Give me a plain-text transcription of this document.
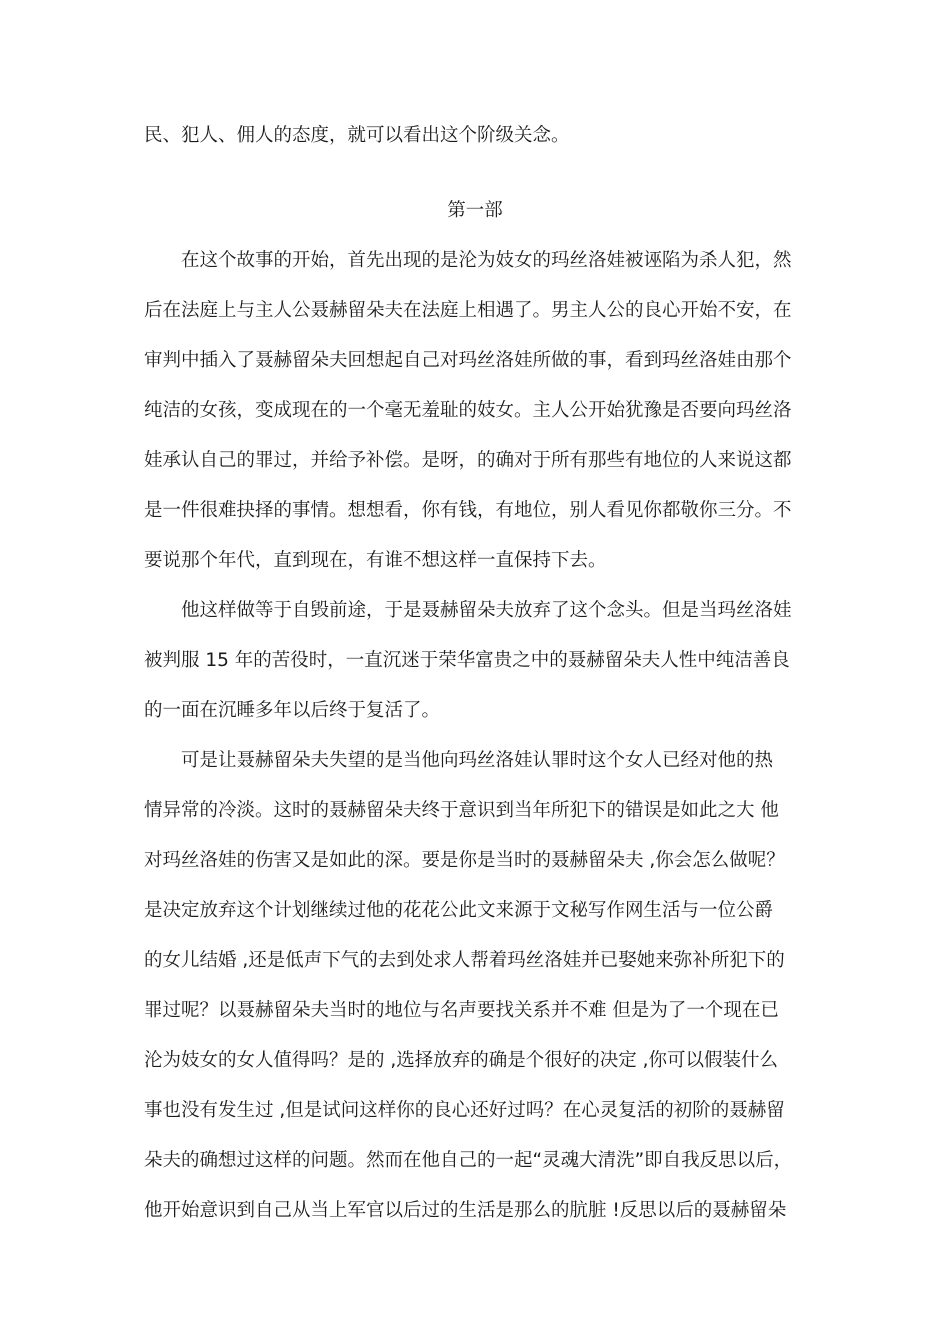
民、犯人、佣人的态度，就可以看出这个阶级关念。
第一部
在这个故事的开始，首先出现的是沦为妓女的玛丝洛娃被诬陷为杀人犯，然
后在法庭上与主人公聂赫留朵夫在法庭上相遇了。男主人公的良心开始不安，在
审判中插入了聂赫留朵夫回想起自己对玛丝洛娃所做的事，看到玛丝洛娃由那个
纯洁的女孩，变成现在的一个毫无羞耻的妓女。主人公开始犹豫是否要向玛丝洛
娃承认自己的罪过，并给予补偿。是呀，的确对于所有那些有地位的人来说这都
是一件很难抉择的事情。想想看，你有钱，有地位，别人看见你都敬你三分。不
要说那个年代，直到现在，有谁不想这样一直保持下去。
他这样做等于自毁前途，于是聂赫留朵夫放弃了这个念头。但是当玛丝洛娃
被判服 15 年的苦役时，一直沉迷于荣华富贵之中的聂赫留朵夫人性中纯洁善良
的一面在沉睡多年以后终于复活了。
可是让聂赫留朵夫失望的是当他向玛丝洛娃认罪时这个女人已经对他的热
情异常的冷淡。这时的聂赫留朵夫终于意识到当年所犯下的错误是如此之大 他
对玛丝洛娃的伤害又是如此的深。要是你是当时的聂赫留朵夫 ,你会怎么做呢？
是决定放弃这个计划继续过他的花花公此文来源于文秘写作网生活与一位公爵
的女儿结婚 ,还是低声下气的去到处求人帮着玛丝洛娃并已娶她来弥补所犯下的
罪过呢？以聂赫留朵夫当时的地位与名声要找关系并不难 但是为了一个现在已
沦为妓女的女人值得吗？是的 ,选择放弃的确是个很好的决定 ,你可以假装什么
事也没有发生过 ,但是试问这样你的良心还好过吗？在心灵复活的初阶的聂赫留
朵夫的确想过这样的问题。然而在他自己的一起“灵魂大清洗”即自我反思以后，
他开始意识到自己从当上军官以后过的生活是那么的肮脏 !反思以后的聂赫留朵
